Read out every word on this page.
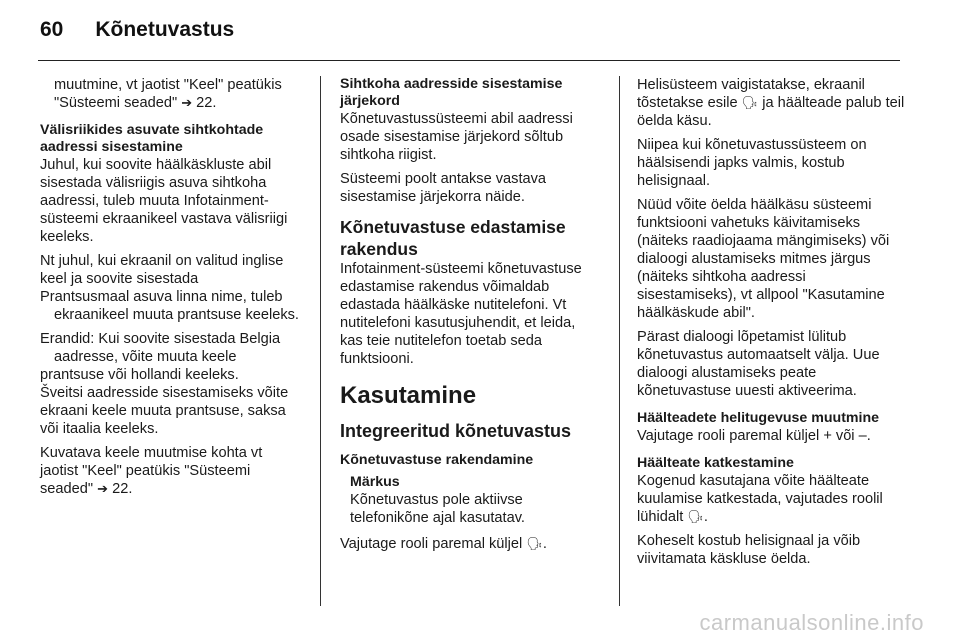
60 Kõnetuvastus

muutmine, vt jaotist "Keel" peatükis "Süsteemi seaded" ➔ 22.

Välisriikides asuvate sihtkohtade aadressi sisestamine

Juhul, kui soovite häälkäskluste abil sisestada välisriigis asuva sihtkoha aadressi, tuleb muuta Infotainment-süsteemi ekraanikeel vastava välisriigi keeleks.

Nt juhul, kui ekraanil on valitud inglise keel ja soovite sisestada

Prantsusmaal asuva linna nime, tuleb ekraanikeel muuta prantsuse keeleks.

Erandid: Kui soovite sisestada Belgia aadresse, võite muuta keele

prantsuse või hollandi keeleks.

Šveitsi aadresside sisestamiseks võite ekraani keele muuta prantsuse, saksa või itaalia keeleks.

Kuvatava keele muutmise kohta vt jaotist "Keel" peatükis "Süsteemi seaded" ➔ 22.

Sihtkoha aadresside sisestamise järjekord

Kõnetuvastussüsteemi abil aadressi osade sisestamise järjekord sõltub sihtkoha riigist.

Süsteemi poolt antakse vastava sisestamise järjekorra näide.

Kõnetuvastuse edastamise rakendus

Infotainment-süsteemi kõnetuvastuse edastamise rakendus võimaldab edastada häälkäske nutitelefoni. Vt nutitelefoni kasutusjuhendit, et leida, kas teie nutitelefon toetab seda funktsiooni.

Kasutamine

Integreeritud kõnetuvastus

Kõnetuvastuse rakendamine

Märkus
Kõnetuvastus pole aktiivse telefonikõne ajal kasutatav.

Vajutage rooli paremal küljel 🗣︎.

Helisüsteem vaigistatakse, ekraanil tõstetakse esile 🗣︎ ja häälteade palub teil öelda käsu.

Niipea kui kõnetuvastussüsteem on häälsisendi japks valmis, kostub helisignaal.

Nüüd võite öelda häälkäsu süsteemi funktsiooni vahetuks käivitamiseks (näiteks raadiojaama mängimiseks) või dialoogi alustamiseks mitmes järgus (näiteks sihtkoha aadressi sisestamiseks), vt allpool "Kasutamine häälkäskude abil".

Pärast dialoogi lõpetamist lülitub kõnetuvastus automaatselt välja. Uue dialoogi alustamiseks peate kõnetuvastuse uuesti aktiveerima.

Häälteadete helitugevuse muutmine

Vajutage rooli paremal küljel + või –.

Häälteate katkestamine

Kogenud kasutajana võite häälteate kuulamise katkestada, vajutades roolil lühidalt 🗣︎.

Koheselt kostub helisignaal ja võib viivitamata käskluse öelda.

carmanualsonline.info
